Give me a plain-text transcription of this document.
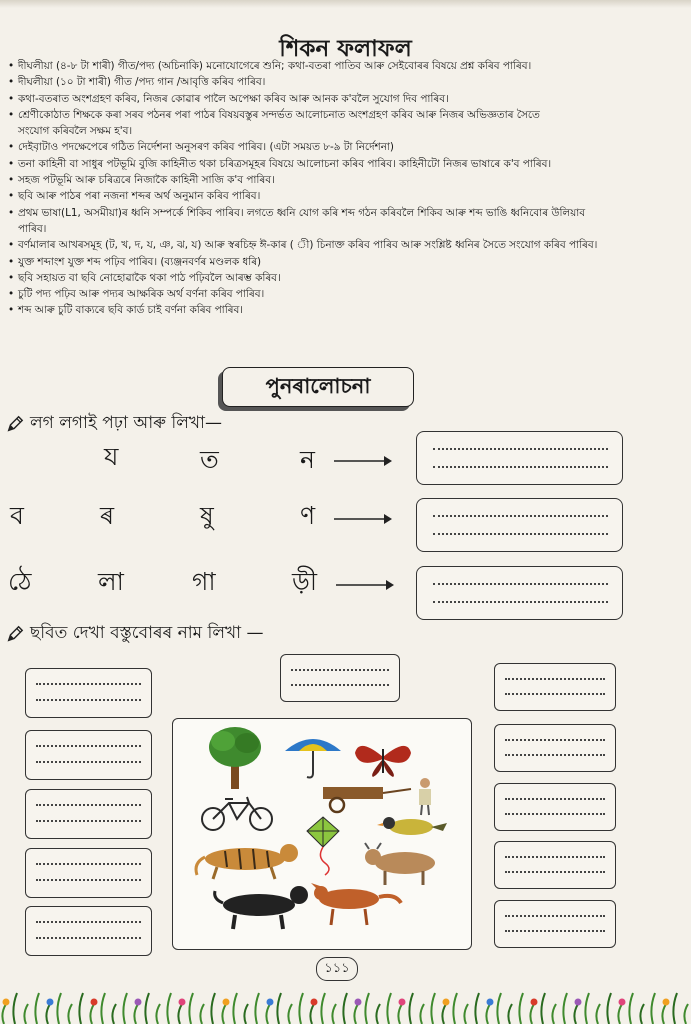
শিকন ফলাফল
• দীঘলীয়া (৪-৮ টা শাৰী) গীত/পদ্য (অচিনাকি) মনোযোগেৰে শুনি; কথা-বতৰা পাতিব আৰু সেইবোৰৰ বিষয়ে প্ৰশ্ন কৰিব পাৰিব।
• দীঘলীয়া (১০ টা শাৰী) গীত /পদ্য গান /আবৃত্তি কৰিব পাৰিব।
• কথা-বতৰাত অংশগ্ৰহণ কৰিব, নিজৰ কোৱাৰ পাল‌ৈ অপেক্ষা কৰিব আৰু আনক ক'বলৈ সুযোগ দিব পাৰিব।
• শ্ৰেণীকোঠাত শিক্ষকে কৰা সৰব পঠনৰ পৰা পাঠৰ বিষয়বস্তুৰ সন্দৰ্ভত আলোচনাত অংশগ্ৰহণ কৰিব আৰু নিজৰ অভিজ্ঞতাৰ সৈতে
সংযোগ কৰিবলৈ সক্ষম হ'ব।
• দেই়বাটাও পদক্ষেপেৰে গঠিত নিৰ্দেশনা অনুসৰণ কৰিব পাৰিব। (এটা সময়ত ৮-৯ টা নিৰ্দেশনা)
• তনা কাহিনী বা সাধুৰ পটভূমি বুজি কাহিনীত থকা চৰিত্ৰসমূহৰ বিষয়ে আলোচনা কৰিব পাৰিব। কাহিনীটো নিজৰ ভাষাৰে ক'ব পাৰিব।
• সহজ পটভূমি আৰু চৰিত্ৰৰে নিজাকৈ কাহিনী সাজি ক'ব পাৰিব।
• ছবি আৰু পাঠৰ পৰা নজনা শব্দৰ অৰ্থ অনুমান কৰিব পাৰিব।
• প্ৰথম ভাষা(L1, অসমীয়া)ৰ ধ্বনি সম্পৰ্কে শিকিব পাৰিব। লগতে ধ্বনি যোগ কৰি শব্দ গঠন কৰিবলৈ শিকিব আৰু শব্দ ভাঙি ধ্বনিবোৰ উলিয়াব
পাৰিব।
• বৰ্ণমালাৰ আখৰসমূহ (ট, খ, দ, য, ঞ, ঝ, য) আৰু স্বৰচিহ্ন ঈ-কাৰ ( ী) চিনাক্ত কৰিব পাৰিব আৰু সংশ্লিষ্ট ধ্বনিৰ সৈতে সংযোগ কৰিব পাৰিব।
• যুক্ত শব্দাংশ যুক্ত শব্দ পঢ়িব পাৰিব। (ব্যঞ্জনবৰ্ণৰ মণ্ডলক ধৰি)
• ছবি সহায়ত বা ছবি নোহোৱাকৈ থকা পাঠ পঢ়িবলৈ আৰম্ভ কৰিব।
• চুটি পদ্য পঢ়িব আৰু পদ্যৰ আক্ষৰিক অৰ্থ বৰ্ণনা কৰিব পাৰিব।
• শব্দ আৰু চুটি বাক্যৰে ছবি কাৰ্ড চাই বৰ্ণনা কৰিব পাৰিব।
পুনৰালোচনা
লগ লগাই পঢ়া আৰু লিখা—
য	ত	ন
ব	ৰ	ষু	ণ
ঠে	লা	গা	ড়ী
ছবিত দেখা বস্তুবোৰৰ নাম লিখা —
১১১
